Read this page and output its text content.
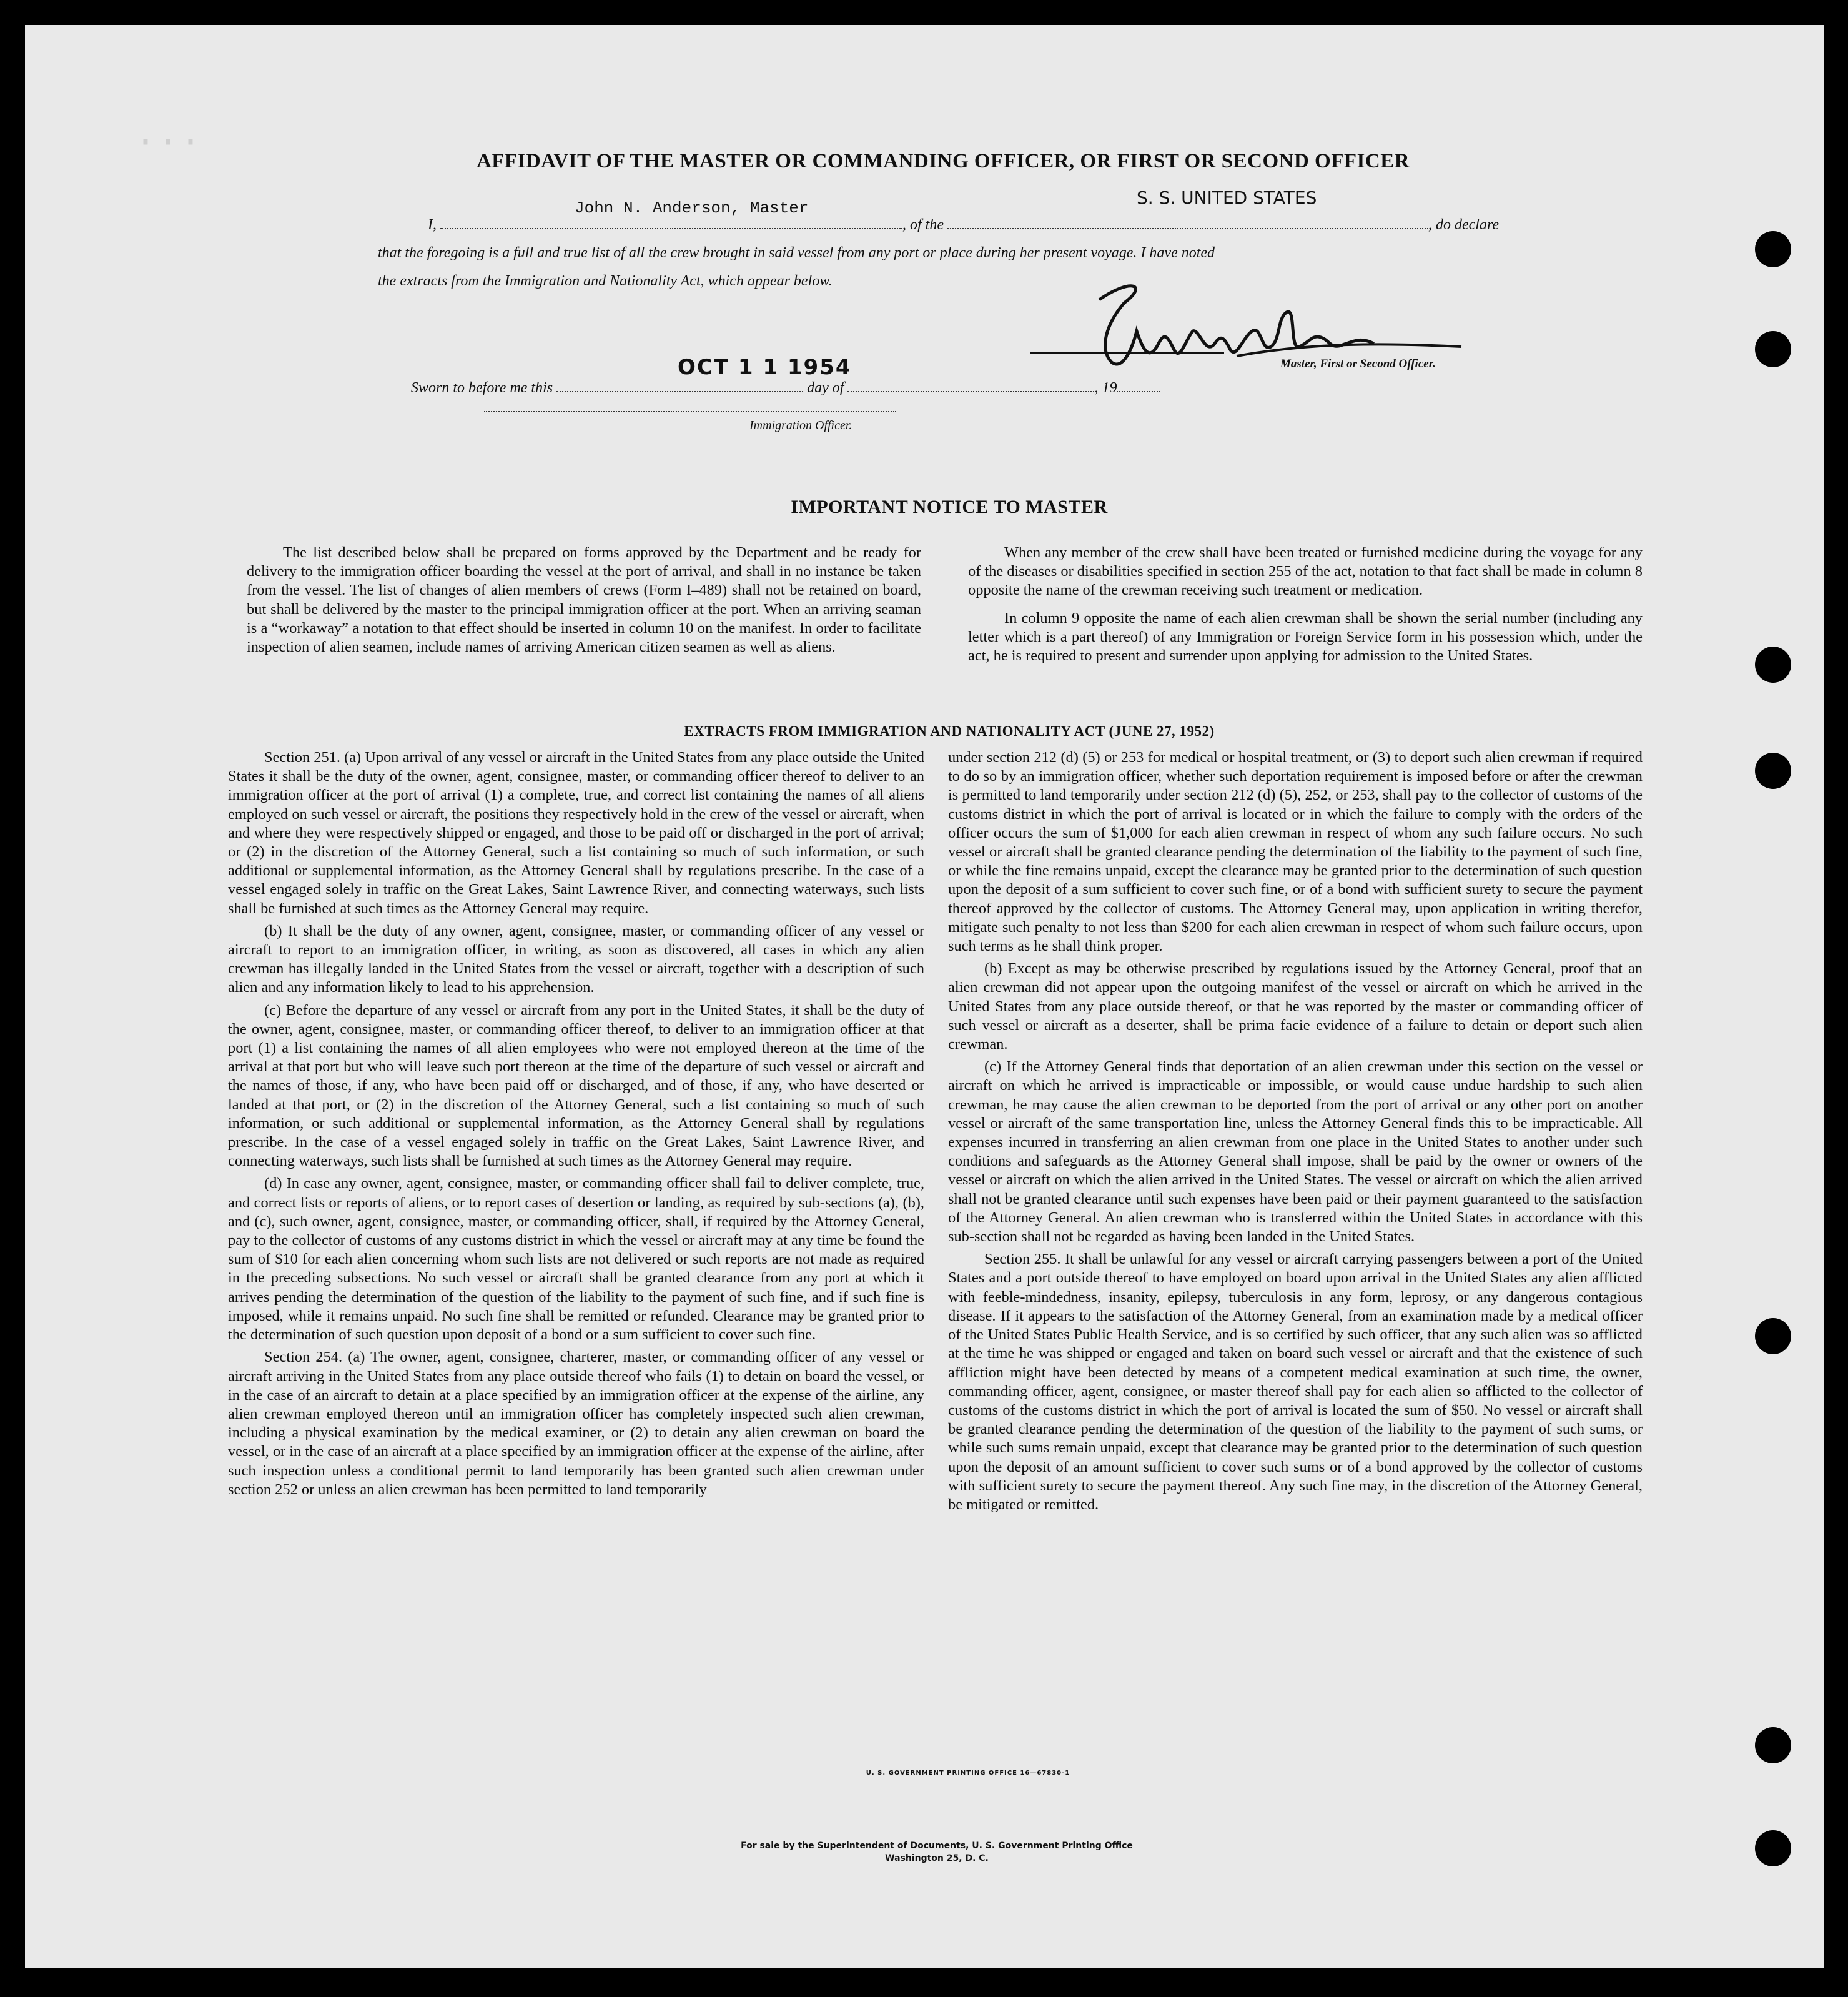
···	AFFIDAVIT OF THE MASTER OR COMMANDING OFFICER, OR FIRST OR SECOND OFFICER
John N. Anderson, Master	S. S. UNITED STATES
I,	, of the	, do declare
that the foregoing is a full and true list of all the crew brought in said vessel from any port or place during her present voyage. I have noted
the extracts from the Immigration and Nationality Act, which appear below.
Master, First or Second Officer.
OCT 1 1 1954
Sworn to before me this	day of	, 19
Immigration Officer.
IMPORTANT NOTICE TO MASTER

The list described below shall be prepared on forms approved by the Department and be ready for delivery to the immigration officer boarding the vessel at the port of arrival, and shall in no instance be taken from the vessel. The list of changes of alien members of crews (Form I–489) shall not be retained on board, but shall be delivered by the master to the principal immigration officer at the port. When an arriving seaman is a “workaway” a notation to that effect should be inserted in column 10 on the manifest. In order to facilitate inspection of alien seamen, include names of arriving American citizen seamen as well as aliens.

When any member of the crew shall have been treated or furnished medicine during the voyage for any of the diseases or disabilities specified in section 255 of the act, notation to that fact shall be made in column 8 opposite the name of the crewman receiving such treatment or medication.

In column 9 opposite the name of each alien crewman shall be shown the serial number (including any letter which is a part thereof) of any Immigration or Foreign Service form in his possession which, under the act, he is required to present and surrender upon applying for admission to the United States.

EXTRACTS FROM IMMIGRATION AND NATIONALITY ACT (JUNE 27, 1952)

Section 251. (a) Upon arrival of any vessel or aircraft in the United States from any place outside the United States it shall be the duty of the owner, agent, consignee, master, or commanding officer thereof to deliver to an immigration officer at the port of arrival (1) a complete, true, and correct list containing the names of all aliens employed on such vessel or aircraft, the positions they respectively hold in the crew of the vessel or aircraft, when and where they were respectively shipped or engaged, and those to be paid off or discharged in the port of arrival; or (2) in the discretion of the Attorney General, such a list containing so much of such information, or such additional or supplemental information, as the Attorney General shall by regulations prescribe. In the case of a vessel engaged solely in traffic on the Great Lakes, Saint Lawrence River, and connecting waterways, such lists shall be furnished at such times as the Attorney General may require.

(b) It shall be the duty of any owner, agent, consignee, master, or commanding officer of any vessel or aircraft to report to an immigration officer, in writing, as soon as discovered, all cases in which any alien crewman has illegally landed in the United States from the vessel or aircraft, together with a description of such alien and any information likely to lead to his apprehension.

(c) Before the departure of any vessel or aircraft from any port in the United States, it shall be the duty of the owner, agent, consignee, master, or commanding officer thereof, to deliver to an immigration officer at that port (1) a list containing the names of all alien employees who were not employed thereon at the time of the arrival at that port but who will leave such port thereon at the time of the departure of such vessel or aircraft and the names of those, if any, who have been paid off or discharged, and of those, if any, who have deserted or landed at that port, or (2) in the discretion of the Attorney General, such a list containing so much of such information, or such additional or supplemental information, as the Attorney General shall by regulations prescribe. In the case of a vessel engaged solely in traffic on the Great Lakes, Saint Lawrence River, and connecting waterways, such lists shall be furnished at such times as the Attorney General may require.

(d) In case any owner, agent, consignee, master, or commanding officer shall fail to deliver complete, true, and correct lists or reports of aliens, or to report cases of desertion or landing, as required by sub-sections (a), (b), and (c), such owner, agent, consignee, master, or commanding officer, shall, if required by the Attorney General, pay to the collector of customs of any customs district in which the vessel or aircraft may at any time be found the sum of $10 for each alien concerning whom such lists are not delivered or such reports are not made as required in the preceding subsections. No such vessel or aircraft shall be granted clearance from any port at which it arrives pending the determination of the question of the liability to the payment of such fine, and if such fine is imposed, while it remains unpaid. No such fine shall be remitted or refunded. Clearance may be granted prior to the determination of such question upon deposit of a bond or a sum sufficient to cover such fine.

Section 254. (a) The owner, agent, consignee, charterer, master, or commanding officer of any vessel or aircraft arriving in the United States from any place outside thereof who fails (1) to detain on board the vessel, or in the case of an aircraft to detain at a place specified by an immigration officer at the expense of the airline, any alien crewman employed thereon until an immigration officer has completely inspected such alien crewman, including a physical examination by the medical examiner, or (2) to detain any alien crewman on board the vessel, or in the case of an aircraft at a place specified by an immigration officer at the expense of the airline, after such inspection unless a conditional permit to land temporarily has been granted such alien crewman under section 252 or unless an alien crewman has been permitted to land temporarily

under section 212 (d) (5) or 253 for medical or hospital treatment, or (3) to deport such alien crewman if required to do so by an immigration officer, whether such deportation requirement is imposed before or after the crewman is permitted to land temporarily under section 212 (d) (5), 252, or 253, shall pay to the collector of customs of the customs district in which the port of arrival is located or in which the failure to comply with the orders of the officer occurs the sum of $1,000 for each alien crewman in respect of whom any such failure occurs. No such vessel or aircraft shall be granted clearance pending the determination of the liability to the payment of such fine, or while the fine remains unpaid, except the clearance may be granted prior to the determination of such question upon the deposit of a sum sufficient to cover such fine, or of a bond with sufficient surety to secure the payment thereof approved by the collector of customs. The Attorney General may, upon application in writing therefor, mitigate such penalty to not less than $200 for each alien crewman in respect of whom such failure occurs, upon such terms as he shall think proper.

(b) Except as may be otherwise prescribed by regulations issued by the Attorney General, proof that an alien crewman did not appear upon the outgoing manifest of the vessel or aircraft on which he arrived in the United States from any place outside thereof, or that he was reported by the master or commanding officer of such vessel or aircraft as a deserter, shall be prima facie evidence of a failure to detain or deport such alien crewman.

(c) If the Attorney General finds that deportation of an alien crewman under this section on the vessel or aircraft on which he arrived is impracticable or impossible, or would cause undue hardship to such alien crewman, he may cause the alien crewman to be deported from the port of arrival or any other port on another vessel or aircraft of the same transportation line, unless the Attorney General finds this to be impracticable. All expenses incurred in transferring an alien crewman from one place in the United States to another under such conditions and safeguards as the Attorney General shall impose, shall be paid by the owner or owners of the vessel or aircraft on which the alien arrived in the United States. The vessel or aircraft on which the alien arrived shall not be granted clearance until such expenses have been paid or their payment guaranteed to the satisfaction of the Attorney General. An alien crewman who is transferred within the United States in accordance with this sub-section shall not be regarded as having been landed in the United States.

Section 255. It shall be unlawful for any vessel or aircraft carrying passengers between a port of the United States and a port outside thereof to have employed on board upon arrival in the United States any alien afflicted with feeble-mindedness, insanity, epilepsy, tuberculosis in any form, leprosy, or any dangerous contagious disease. If it appears to the satisfaction of the Attorney General, from an examination made by a medical officer of the United States Public Health Service, and is so certified by such officer, that any such alien was so afflicted at the time he was shipped or engaged and taken on board such vessel or aircraft and that the existence of such affliction might have been detected by means of a competent medical examination at such time, the owner, commanding officer, agent, consignee, or master thereof shall pay for each alien so afflicted to the collector of customs of the customs district in which the port of arrival is located the sum of $50. No vessel or aircraft shall be granted clearance pending the determination of the question of the liability to the payment of such sums, or while such sums remain unpaid, except that clearance may be granted prior to the determination of such question upon the deposit of an amount sufficient to cover such sums or of a bond approved by the collector of customs with sufficient surety to secure the payment thereof. Any such fine may, in the discretion of the Attorney General, be mitigated or remitted.

U. S. GOVERNMENT PRINTING OFFICE 16—67830-1
For sale by the Superintendent of Documents, U. S. Government Printing Office
Washington 25, D. C.
